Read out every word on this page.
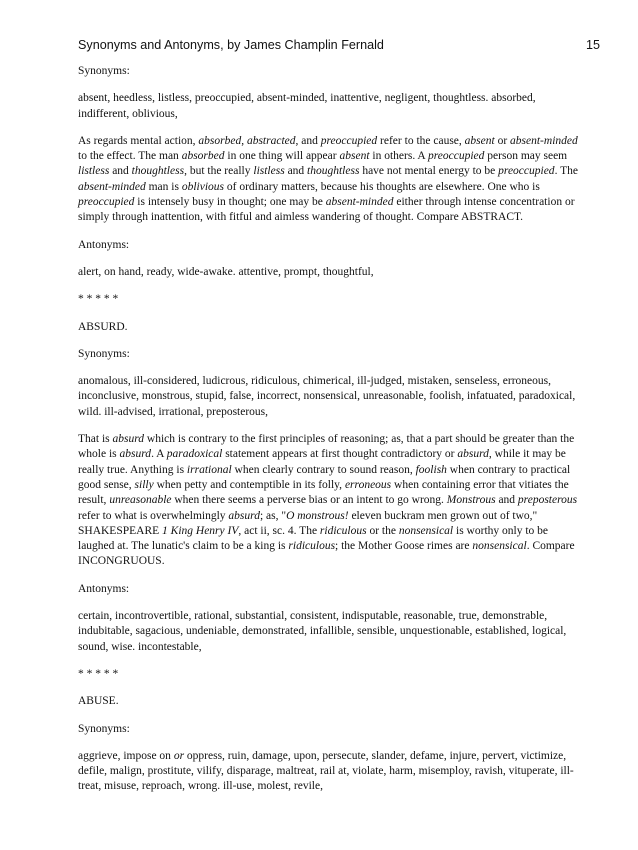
Synonyms and Antonyms, by James Champlin Fernald	15

Synonyms:

absent, heedless, listless, preoccupied, absent-minded, inattentive, negligent, thoughtless. absorbed, indifferent, oblivious,

As regards mental action, absorbed, abstracted, and preoccupied refer to the cause, absent or absent-minded to the effect. The man absorbed in one thing will appear absent in others. A preoccupied person may seem listless and thoughtless, but the really listless and thoughtless have not mental energy to be preoccupied. The absent-minded man is oblivious of ordinary matters, because his thoughts are elsewhere. One who is preoccupied is intensely busy in thought; one may be absent-minded either through intense concentration or simply through inattention, with fitful and aimless wandering of thought. Compare ABSTRACT.

Antonyms:

alert, on hand, ready, wide-awake. attentive, prompt, thoughtful,

* * * * *

ABSURD.

Synonyms:

anomalous, ill-considered, ludicrous, ridiculous, chimerical, ill-judged, mistaken, senseless, erroneous, inconclusive, monstrous, stupid, false, incorrect, nonsensical, unreasonable, foolish, infatuated, paradoxical, wild. ill-advised, irrational, preposterous,

That is absurd which is contrary to the first principles of reasoning; as, that a part should be greater than the whole is absurd. A paradoxical statement appears at first thought contradictory or absurd, while it may be really true. Anything is irrational when clearly contrary to sound reason, foolish when contrary to practical good sense, silly when petty and contemptible in its folly, erroneous when containing error that vitiates the result, unreasonable when there seems a perverse bias or an intent to go wrong. Monstrous and preposterous refer to what is overwhelmingly absurd; as, "O monstrous! eleven buckram men grown out of two," SHAKESPEARE 1 King Henry IV, act ii, sc. 4. The ridiculous or the nonsensical is worthy only to be laughed at. The lunatic's claim to be a king is ridiculous; the Mother Goose rimes are nonsensical. Compare INCONGRUOUS.

Antonyms:

certain, incontrovertible, rational, substantial, consistent, indisputable, reasonable, true, demonstrable, indubitable, sagacious, undeniable, demonstrated, infallible, sensible, unquestionable, established, logical, sound, wise. incontestable,

* * * * *

ABUSE.

Synonyms:

aggrieve, impose on or oppress, ruin, damage, upon, persecute, slander, defame, injure, pervert, victimize, defile, malign, prostitute, vilify, disparage, maltreat, rail at, violate, harm, misemploy, ravish, vituperate, ill-treat, misuse, reproach, wrong. ill-use, molest, revile,
